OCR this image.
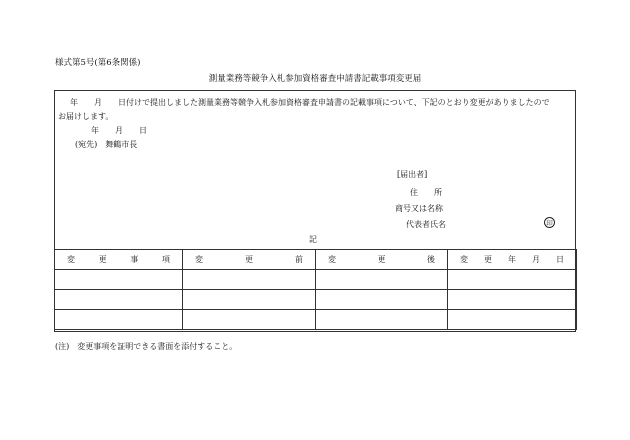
様式第5号(第6条関係)
測量業務等競争入札参加資格審査申請書記載事項変更届
年　　月　　日付けで提出しました測量業務等競争入札参加資格審査申請書の記載事項について、下記のとおり変更がありましたので
お届けします。
年　　月　　日
(宛先)　舞鶴市長
[届出者]
住　　所
商号又は名称
代表者氏名	印
記
変更事項	変更前	変更後	変更年月日

(注)　変更事項を証明できる書面を添付すること。
